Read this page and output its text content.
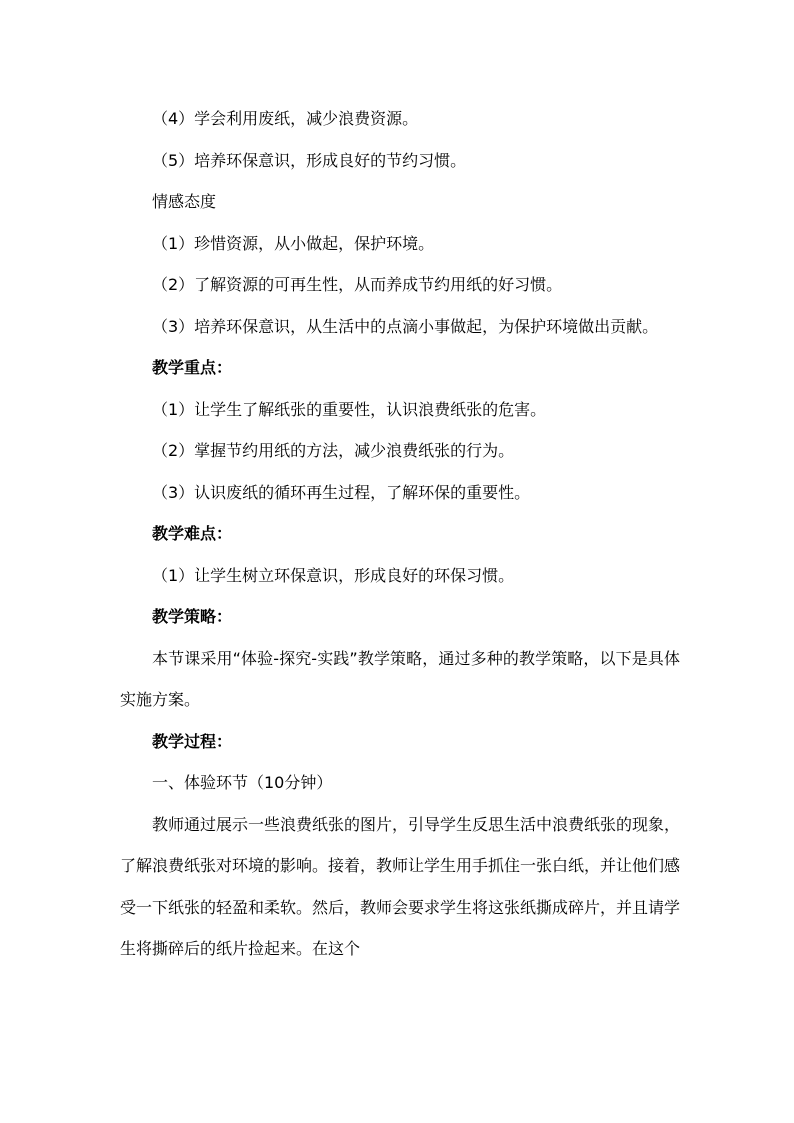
（4）学会利用废纸，减少浪费资源。

（5）培养环保意识，形成良好的节约习惯。

情感态度

（1）珍惜资源，从小做起，保护环境。

（2）了解资源的可再生性，从而养成节约用纸的好习惯。

（3）培养环保意识，从生活中的点滴小事做起，为保护环境做出贡献。

教学重点：

（1）让学生了解纸张的重要性，认识浪费纸张的危害。

（2）掌握节约用纸的方法，减少浪费纸张的行为。

（3）认识废纸的循环再生过程，了解环保的重要性。

教学难点：

（1）让学生树立环保意识，形成良好的环保习惯。

教学策略：

本节课采用“体验-探究-实践”教学策略，通过多种的教学策略，以下是具体实施方案。

教学过程：

一、体验环节（10分钟）

教师通过展示一些浪费纸张的图片，引导学生反思生活中浪费纸张的现象，了解浪费纸张对环境的影响。接着，教师让学生用手抓住一张白纸，并让他们感受一下纸张的轻盈和柔软。然后，教师会要求学生将这张纸撕成碎片，并且请学生将撕碎后的纸片捡起来。在这个
